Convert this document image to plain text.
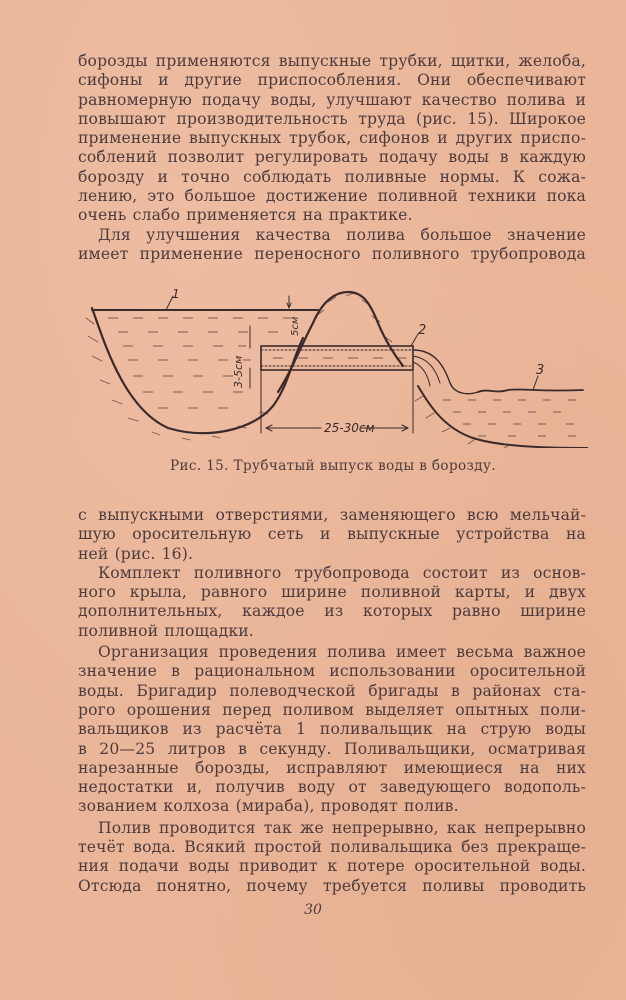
борозды применяются выпускные трубки, щитки, желоба,
сифоны и другие приспособления. Они обеспечивают
равномерную подачу воды, улучшают качество полива и
повышают производительность труда (рис. 15). Широкое
применение выпускных трубок, сифонов и других приспо-
соблений позволит регулировать подачу воды в каждую
борозду и точно соблюдать поливные нормы. К сожа-
лению, это большое достижение поливной техники пока
очень слабо применяется на практике.

Для улучшения качества полива большое значение
имеет применение переносного поливного трубопровода

1
2
3
5см
3-5см
25-30см
Рис. 15. Трубчатый выпуск воды в борозду.

с выпускными отверстиями, заменяющего всю мельчай-
шую оросительную сеть и выпускные устройства на
ней (рис. 16).

Комплект поливного трубопровода состоит из основ-
ного крыла, равного ширине поливной карты, и двух
дополнительных, каждое из которых равно ширине
поливной площадки.

Организация проведения полива имеет весьма важное
значение в рациональном использовании оросительной
воды. Бригадир полеводческой бригады в районах ста-
рого орошения перед поливом выделяет опытных поли-
вальщиков из расчёта 1 поливальщик на струю воды
в 20—25 литров в секунду. Поливальщики, осматривая
нарезанные борозды, исправляют имеющиеся на них
недостатки и, получив воду от заведующего водополь-
зованием колхоза (мираба), проводят полив.

Полив проводится так же непрерывно, как непрерывно
течёт вода. Всякий простой поливальщика без прекраще-
ния подачи воды приводит к потере оросительной воды.
Отсюда понятно, почему требуется поливы проводить

30
